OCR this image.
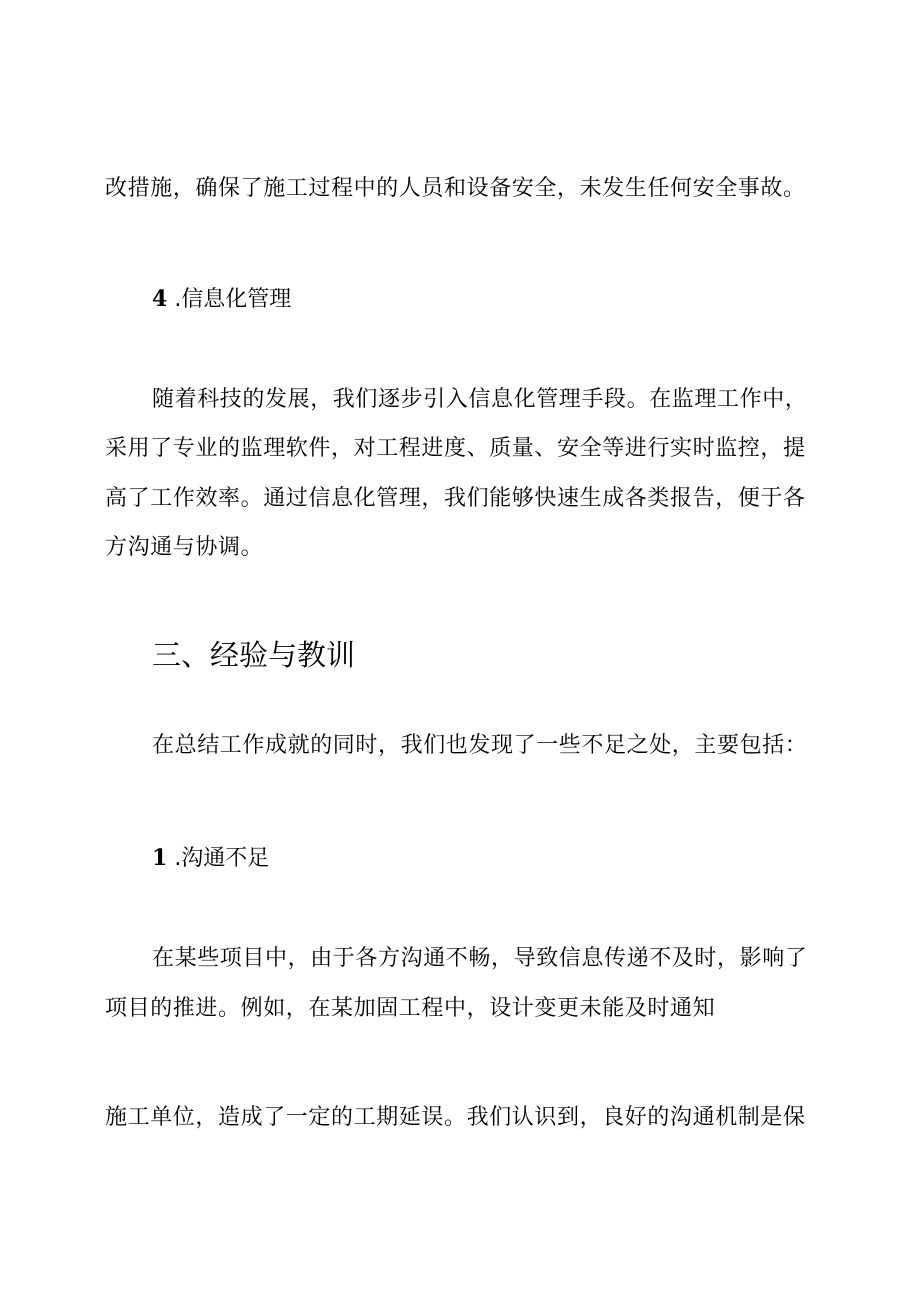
改措施，确保了施工过程中的人员和设备安全，未发生任何安全事故。
4 .信息化管理
随着科技的发展，我们逐步引入信息化管理手段。在监理工作中，
采用了专业的监理软件，对工程进度、质量、安全等进行实时监控，提
高了工作效率。通过信息化管理，我们能够快速生成各类报告，便于各
方沟通与协调。
三、经验与教训
在总结工作成就的同时，我们也发现了一些不足之处，主要包括：
1 .沟通不足
在某些项目中，由于各方沟通不畅，导致信息传递不及时，影响了
项目的推进。例如，在某加固工程中，设计变更未能及时通知
施工单位，造成了一定的工期延误。我们认识到，良好的沟通机制是保
